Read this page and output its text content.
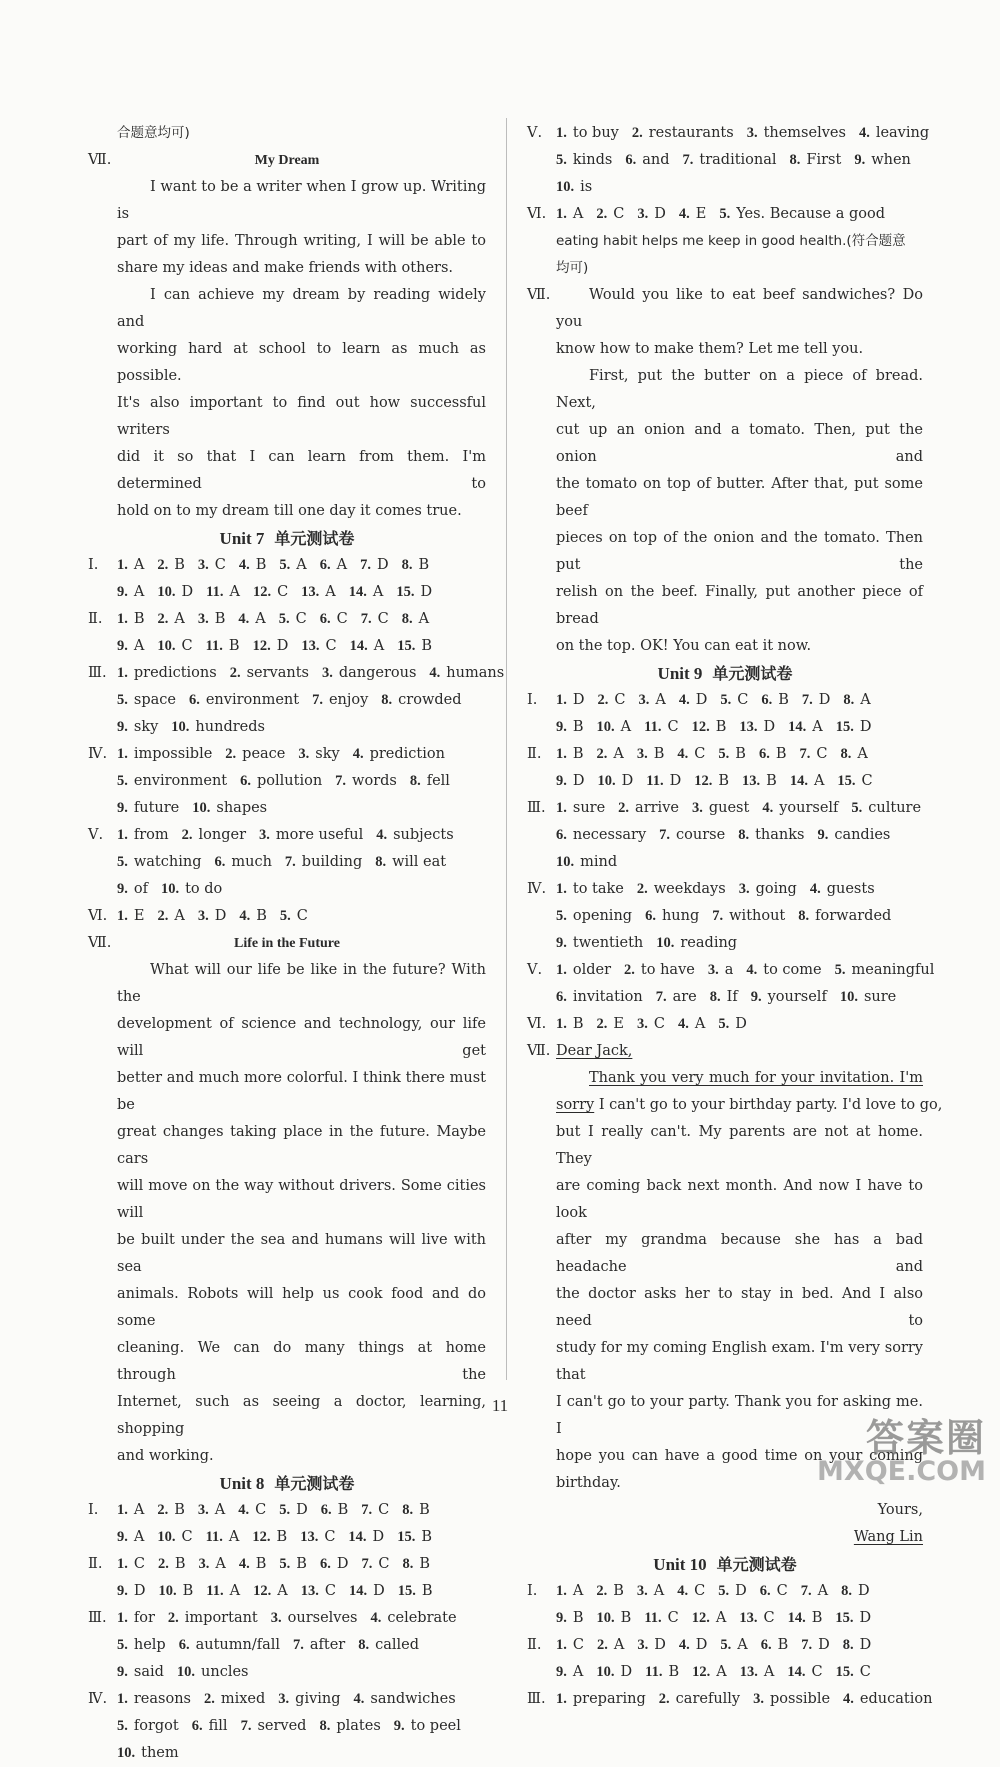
合题意均可)
Ⅶ.	My Dream
I want to be a writer when I grow up. Writing is
part of my life. Through writing, I will be able to
share my ideas and make friends with others.
I can achieve my dream by reading widely and
working hard at school to learn as much as possible.
It's also important to find out how successful writers
did it so that I can learn from them. I'm determined to
hold on to my dream till one day it comes true.
Unit 7 单元测试卷
Ⅰ. 1. A 2. B 3. C 4. B 5. A 6. A 7. D 8. B
9. A 10. D 11. A 12. C 13. A 14. A 15. D
Ⅱ. 1. B 2. A 3. B 4. A 5. C 6. C 7. C 8. A
9. A 10. C 11. B 12. D 13. C 14. A 15. B
Ⅲ. 1. predictions 2. servants 3. dangerous 4. humans
5. space 6. environment 7. enjoy 8. crowded
9. sky 10. hundreds
Ⅳ. 1. impossible 2. peace 3. sky 4. prediction
5. environment 6. pollution 7. words 8. fell
9. future 10. shapes
Ⅴ. 1. from 2. longer 3. more useful 4. subjects
5. watching 6. much 7. building 8. will eat
9. of 10. to do
Ⅵ. 1. E 2. A 3. D 4. B 5. C
Ⅶ.	Life in the Future
What will our life be like in the future? With the
development of science and technology, our life will get
better and much more colorful. I think there must be
great changes taking place in the future. Maybe cars
will move on the way without drivers. Some cities will
be built under the sea and humans will live with sea
animals. Robots will help us cook food and do some
cleaning. We can do many things at home through the
Internet, such as seeing a doctor, learning, shopping
and working.
Unit 8 单元测试卷
Ⅰ. 1. A 2. B 3. A 4. C 5. D 6. B 7. C 8. B
9. A 10. C 11. A 12. B 13. C 14. D 15. B
Ⅱ. 1. C 2. B 3. A 4. B 5. B 6. D 7. C 8. B
9. D 10. B 11. A 12. A 13. C 14. D 15. B
Ⅲ. 1. for 2. important 3. ourselves 4. celebrate
5. help 6. autumn/fall 7. after 8. called
9. said 10. uncles
Ⅳ. 1. reasons 2. mixed 3. giving 4. sandwiches
5. forgot 6. fill 7. served 8. plates 9. to peel
10. them
Ⅴ. 1. to buy 2. restaurants 3. themselves 4. leaving
5. kinds 6. and 7. traditional 8. First 9. when
10. is
Ⅵ. 1. A 2. C 3. D 4. E 5. Yes. Because a good
eating habit helps me keep in good health.(符合题意
均可)
Ⅶ.	Would you like to eat beef sandwiches? Do you
know how to make them? Let me tell you.
First, put the butter on a piece of bread. Next,
cut up an onion and a tomato. Then, put the onion and
the tomato on top of butter. After that, put some beef
pieces on top of the onion and the tomato. Then put the
relish on the beef. Finally, put another piece of bread
on the top. OK! You can eat it now.
Unit 9 单元测试卷
Ⅰ. 1. D 2. C 3. A 4. D 5. C 6. B 7. D 8. A
9. B 10. A 11. C 12. B 13. D 14. A 15. D
Ⅱ. 1. B 2. A 3. B 4. C 5. B 6. B 7. C 8. A
9. D 10. D 11. D 12. B 13. B 14. A 15. C
Ⅲ. 1. sure 2. arrive 3. guest 4. yourself 5. culture
6. necessary 7. course 8. thanks 9. candies
10. mind
Ⅳ. 1. to take 2. weekdays 3. going 4. guests
5. opening 6. hung 7. without 8. forwarded
9. twentieth 10. reading
Ⅴ. 1. older 2. to have 3. a 4. to come 5. meaningful
6. invitation 7. are 8. If 9. yourself 10. sure
Ⅵ. 1. B 2. E 3. C 4. A 5. D
Ⅶ. Dear Jack,
Thank you very much for your invitation. I'm
sorry I can't go to your birthday party. I'd love to go,
but I really can't. My parents are not at home. They
are coming back next month. And now I have to look
after my grandma because she has a bad headache and
the doctor asks her to stay in bed. And I also need to
study for my coming English exam. I'm very sorry that
I can't go to your party. Thank you for asking me. I
hope you can have a good time on your coming
birthday.
Yours,
Wang Lin
Unit 10 单元测试卷
Ⅰ. 1. A 2. B 3. A 4. C 5. D 6. C 7. A 8. D
9. B 10. B 11. C 12. A 13. C 14. B 15. D
Ⅱ. 1. C 2. A 3. D 4. D 5. A 6. B 7. D 8. D
9. A 10. D 11. B 12. A 13. A 14. C 15. C
Ⅲ. 1. preparing 2. carefully 3. possible 4. education
11
答案圈
MXQE.COM
